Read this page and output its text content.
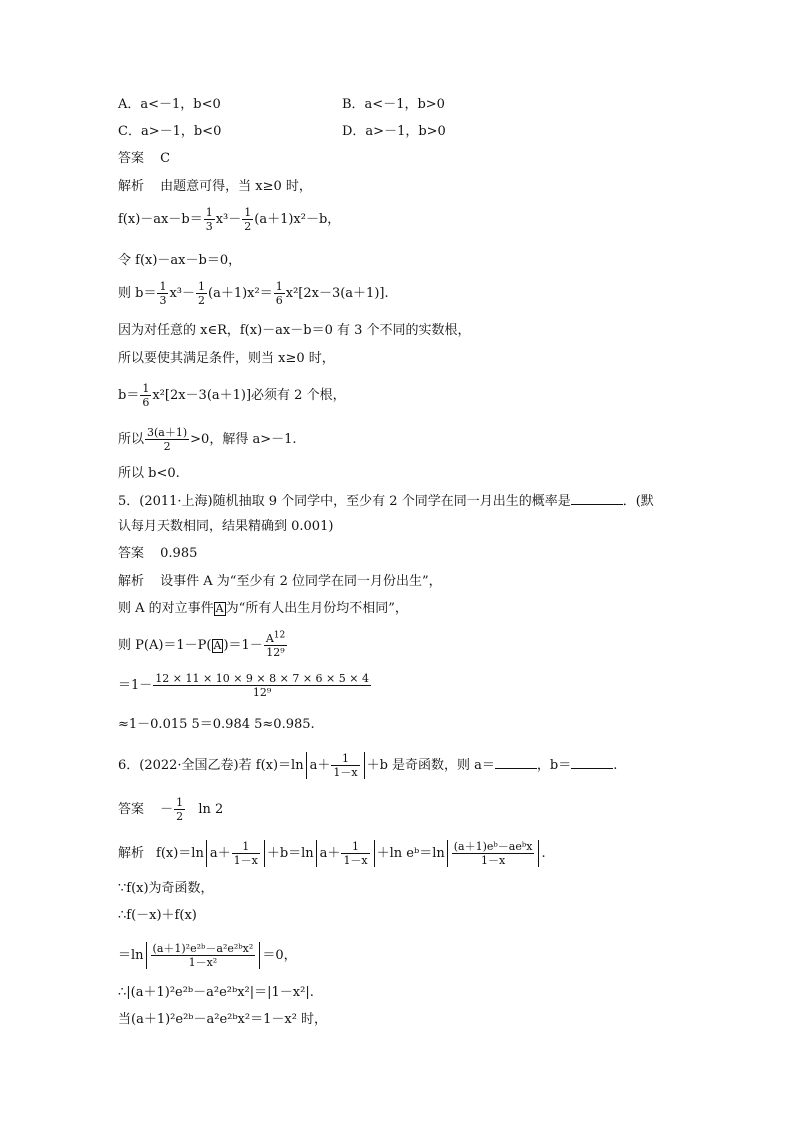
A．a<－1，b<0	B．a<－1，b>0
C．a>－1，b<0	D．a>－1，b>0
答案 C
解析 由题意可得，当 x≥0 时，
$f(x)-ax-b= \frac{1}{3} x^3- \frac{1}{2} (a+1)x^2-b$，
令 f(x)－ax－b＝0，
则 $b= \frac{1}{3} x^3- \frac{1}{2} (a+1)x^2= \frac{1}{6} x^2[2x-3(a+1)]$.
因为对任意的 x∈R，f(x)－ax－b＝0 有 3 个不同的实数根，
所以要使其满足条件，则当 x≥0 时，
$b= \frac{1}{6} x^2[2x-3(a+1)]$必须有 2 个根，
所以 $\frac{3(a+1)}{2} >0$，解得 a>－1.
所以 b<0.
5．(2011·上海)随机抽取 9 个同学中，至少有 2 个同学在同一月出生的概率是	．(默
认每月天数相同，结果精确到 0.001)
答案 0.985
解析 设事件 A 为“至少有 2 位同学在同一月份出生”，
则 A 的对立事件 A 为“所有人出生月份均不相同”，
则 P(A)＝1－P( A )$=1- \frac{A^{12}}{\text{12⁹}}$
$=1- \frac{12 \times 11 \times 10 \times 9 \times 8 \times 7 \times 6 \times 5 \times 4}{\text{12⁹}}$
≈1－0.015 5＝0.984 5≈0.985.
6．(2022·全国乙卷)若 f(x)＝ln $a+ \frac{1}{1-x} +b$ 是奇函数，则 a＝	，b＝	.
答案 － $\frac{1}{2}$ ln 2
解析 f(x)＝ln $a+ \frac{1}{1-x} +b=\ln$ $a+ \frac{1}{1-x} +\ln$ eᵇ＝ln $\frac{\text{(a＋1)eᵇ－aeᵇx}}{1-x}$ .
∵f(x)为奇函数，
∴f(－x)＋f(x)
$=\ln \frac{\text{(a＋1)²e²ᵇ－a²e²ᵇx²}}{\text{1－x²}} =0$，
∴|(a＋1)²e²ᵇ－a²e²ᵇx²|＝|1－x²|.
当(a＋1)²e²ᵇ－a²e²ᵇx²＝1－x² 时，
